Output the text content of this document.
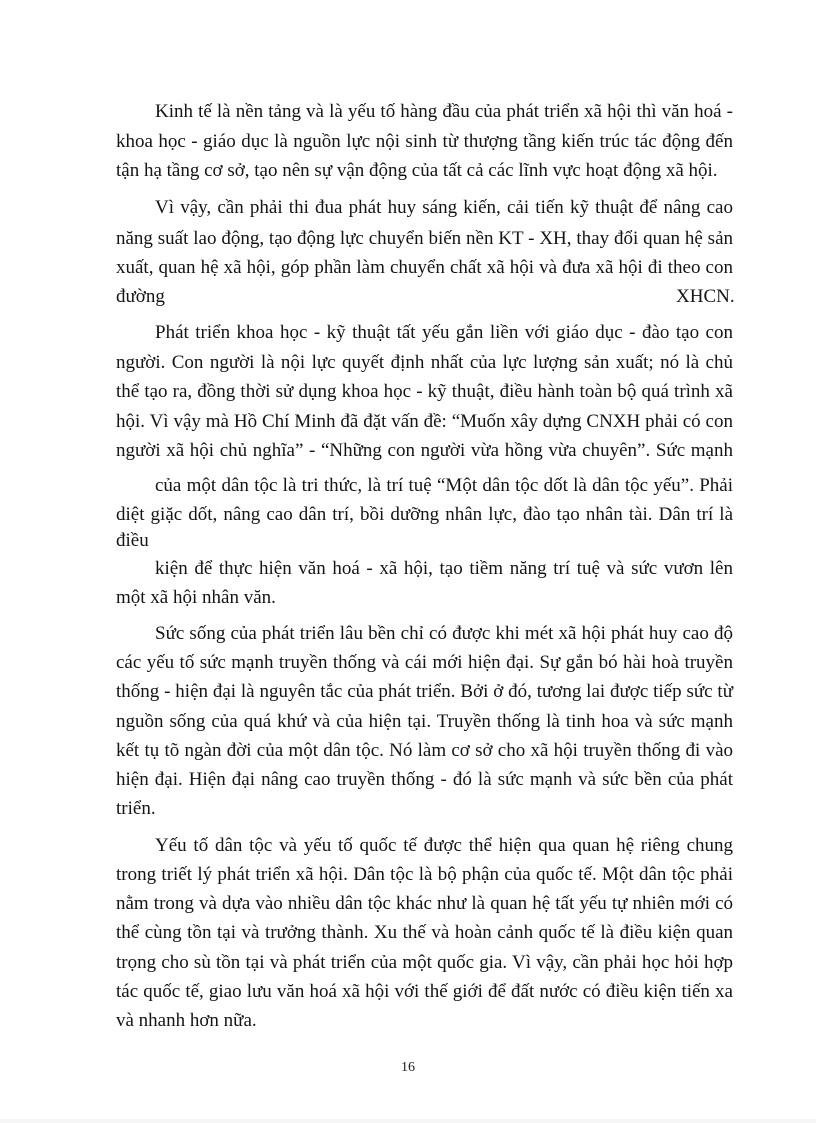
Kinh tế là nền tảng và là yếu tố hàng đầu của phát triển xã hội thì văn hoá -
khoa học - giáo dục là nguồn lực nội sinh từ thượng tầng kiến trúc tác động đến
tận hạ tầng cơ sở, tạo nên sự vận động của tất cả các lĩnh vực hoạt động xã hội.
Vì vậy, cần phải thi đua phát huy sáng kiến, cải tiến kỹ thuật để nâng cao
năng suất lao động, tạo động lực chuyển biến nền KT - XH, thay đổi quan hệ sản
xuất, quan hệ xã hội, góp phần làm chuyển chất xã hội và đưa xã hội đi theo con
đường	XHCN.
Phát triển khoa học - kỹ thuật tất yếu gắn liền với giáo dục - đào tạo con
người. Con người là nội lực quyết định nhất của lực lượng sản xuất; nó là chủ
thể tạo ra, đồng thời sử dụng khoa học - kỹ thuật, điều hành toàn bộ quá trình xã
hội. Vì vậy mà Hồ Chí Minh đã đặt vấn đề: “Muốn xây dựng CNXH phải có con
người xã hội chủ nghĩa” - “Những con người vừa hồng vừa chuyên”. Sức mạnh
của một dân tộc là tri thức, là trí tuệ “Một dân tộc dốt là dân tộc yếu”. Phải
diệt giặc dốt, nâng cao dân trí, bồi dưỡng nhân lực, đào tạo nhân tài. Dân trí là
điều
kiện để thực hiện văn hoá - xã hội, tạo tiềm năng trí tuệ và sức vươn lên
một xã hội nhân văn.
Sức sống của phát triển lâu bền chỉ có được khi mét xã hội phát huy cao độ
các yếu tố sức mạnh truyền thống và cái mới hiện đại. Sự gắn bó hài hoà truyền
thống - hiện đại là nguyên tắc của phát triển. Bởi ở đó, tương lai được tiếp sức từ
nguồn sống của quá khứ và của hiện tại. Truyền thống là tinh hoa và sức mạnh
kết tụ tõ ngàn đời của một dân tộc. Nó làm cơ sở cho xã hội truyền thống đi vào
hiện đại. Hiện đại nâng cao truyền thống - đó là sức mạnh và sức bền của phát
triển.
Yếu tố dân tộc và yếu tố quốc tế được thể hiện qua quan hệ riêng chung
trong triết lý phát triển xã hội. Dân tộc là bộ phận của quốc tế. Một dân tộc phải
nằm trong và dựa vào nhiều dân tộc khác như là quan hệ tất yếu tự nhiên mới có
thể cùng tồn tại và trưởng thành. Xu thế và hoàn cảnh quốc tế là điều kiện quan
trọng cho sù tồn tại và phát triển của một quốc gia. Vì vậy, cần phải học hỏi hợp
tác quốc tế, giao lưu văn hoá xã hội với thế giới để đất nước có điều kiện tiến xa
và nhanh hơn nữa.
16
